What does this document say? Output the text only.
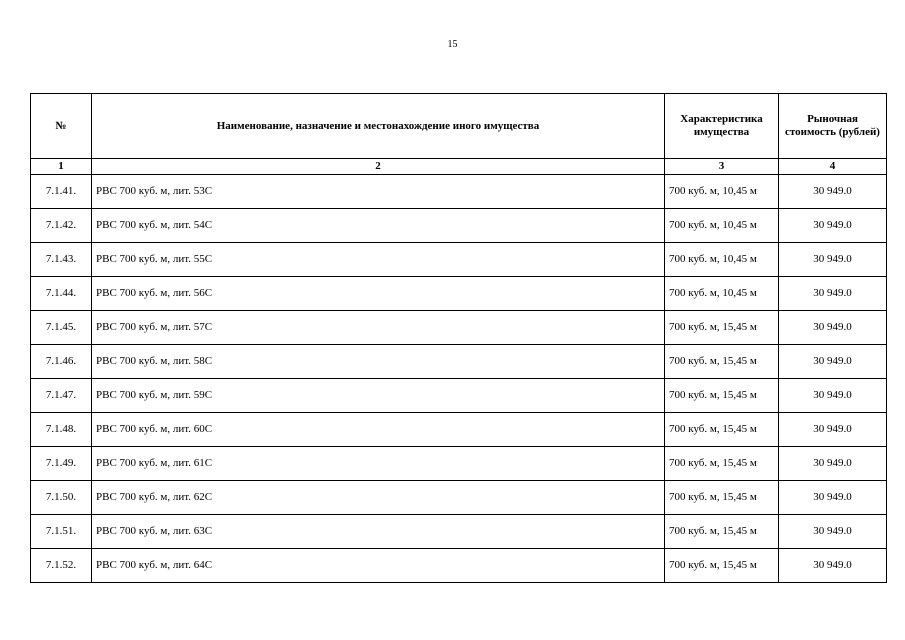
15
№	Наименование, назначение и местонахождение иного имущества	Характеристика имущества	Рыночная стоимость (рублей)
1	2	3	4
7.1.41.	РВС 700 куб. м, лит. 53С	700 куб. м, 10,45 м	30 949.0
7.1.42.	РВС 700 куб. м, лит. 54С	700 куб. м, 10,45 м	30 949.0
7.1.43.	РВС 700 куб. м, лит. 55С	700 куб. м, 10,45 м	30 949.0
7.1.44.	РВС 700 куб. м, лит. 56С	700 куб. м, 10,45 м	30 949.0
7.1.45.	РВС 700 куб. м, лит. 57С	700 куб. м, 15,45 м	30 949.0
7.1.46.	РВС 700 куб. м, лит. 58С	700 куб. м, 15,45 м	30 949.0
7.1.47.	РВС 700 куб. м, лит. 59С	700 куб. м, 15,45 м	30 949.0
7.1.48.	РВС 700 куб. м, лит. 60С	700 куб. м, 15,45 м	30 949.0
7.1.49.	РВС 700 куб. м, лит. 61С	700 куб. м, 15,45 м	30 949.0
7.1.50.	РВС 700 куб. м, лит. 62С	700 куб. м, 15,45 м	30 949.0
7.1.51.	РВС 700 куб. м, лит. 63С	700 куб. м, 15,45 м	30 949.0
7.1.52.	РВС 700 куб. м, лит. 64С	700 куб. м, 15,45 м	30 949.0
